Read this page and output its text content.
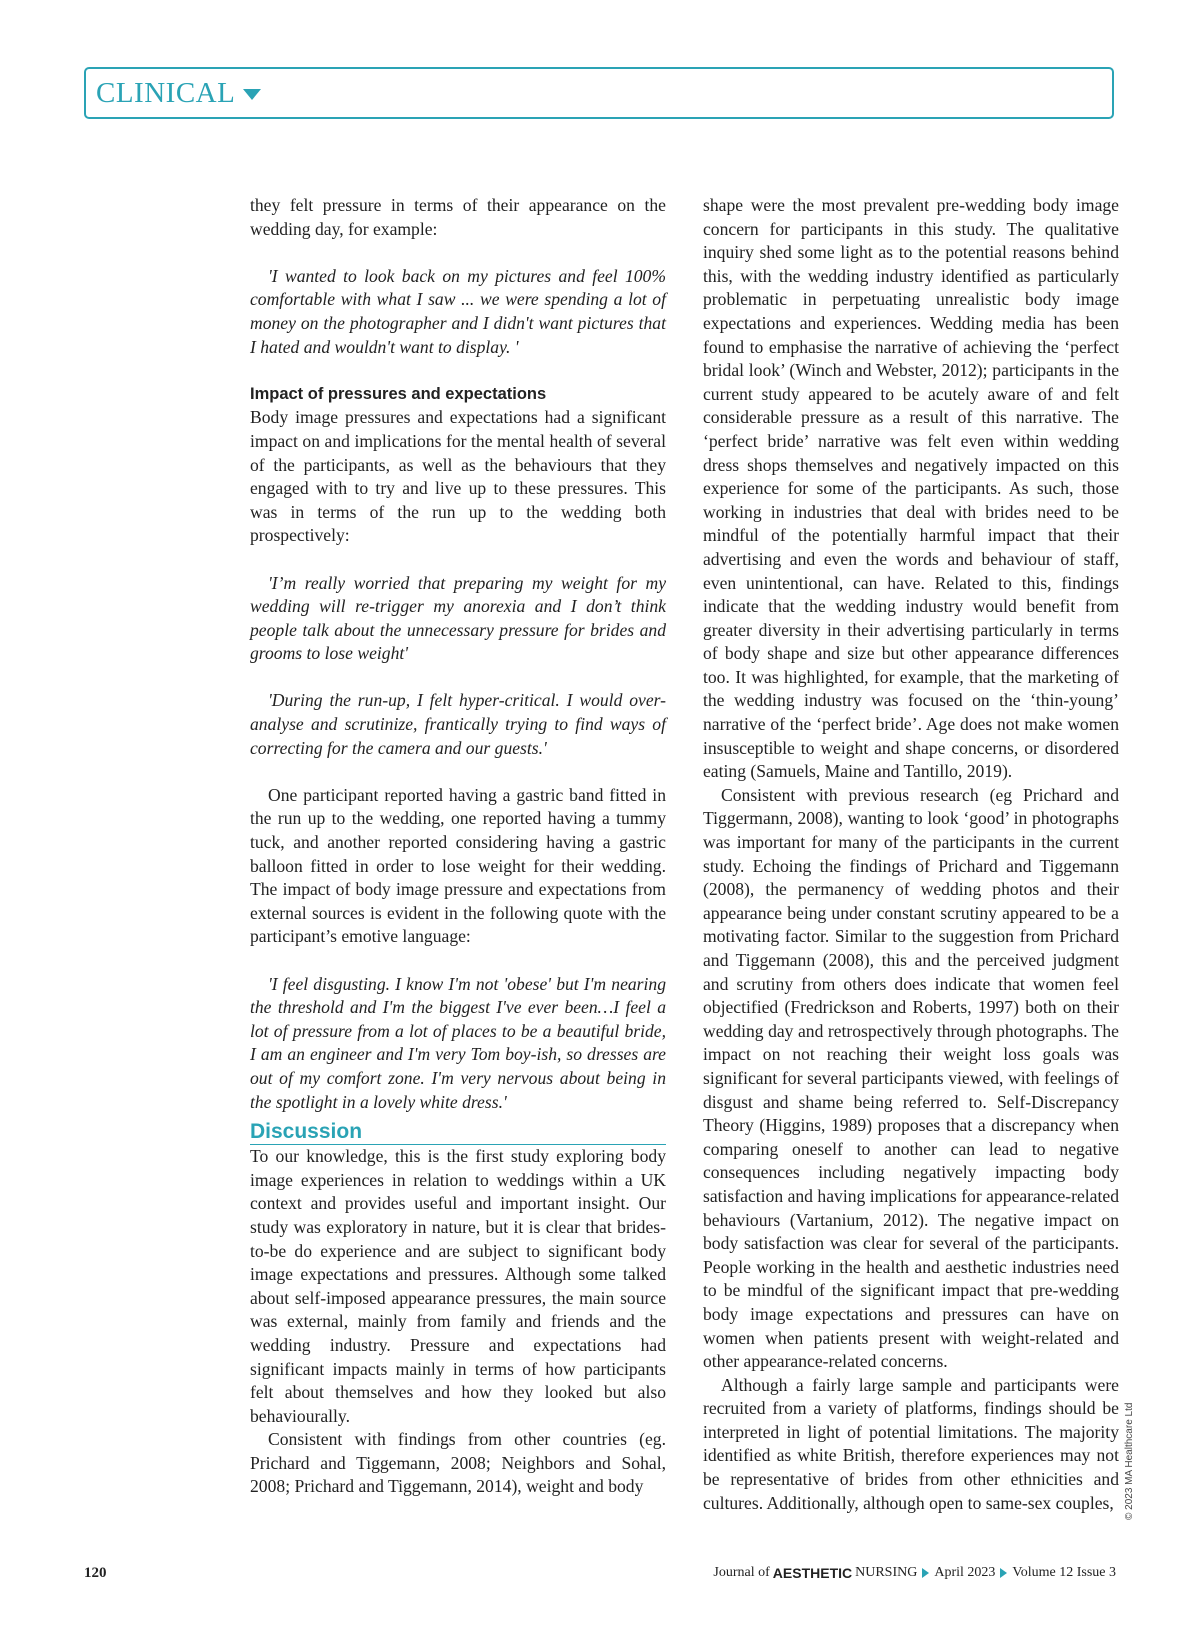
CLINICAL

they felt pressure in terms of their appearance on the wedding day, for example:

'I wanted to look back on my pictures and feel 100% comfortable with what I saw ... we were spending a lot of money on the photographer and I didn't want pictures that I hated and wouldn't want to display. '

Impact of pressures and expectations

Body image pressures and expectations had a significant impact on and implications for the mental health of several of the participants, as well as the behaviours that they engaged with to try and live up to these pressures. This was in terms of the run up to the wedding both prospectively:

'I’m really worried that preparing my weight for my wedding will re-trigger my anorexia and I don’t think people talk about the unnecessary pressure for brides and grooms to lose weight'

'During the run-up, I felt hyper-critical. I would over-analyse and scrutinize, frantically trying to find ways of correcting for the camera and our guests.'

One participant reported having a gastric band fitted in the run up to the wedding, one reported having a tummy tuck, and another reported considering having a gastric balloon fitted in order to lose weight for their wedding. The impact of body image pressure and expectations from external sources is evident in the following quote with the participant’s emotive language:

'I feel disgusting. I know I'm not 'obese' but I'm nearing the threshold and I'm the biggest I've ever been…I feel a lot of pressure from a lot of places to be a beautiful bride, I am an engineer and I'm very Tom boy-ish, so dresses are out of my comfort zone. I'm very nervous about being in the spotlight in a lovely white dress.'

Discussion

To our knowledge, this is the first study exploring body image experiences in relation to weddings within a UK context and provides useful and important insight. Our study was exploratory in nature, but it is clear that brides-to-be do experience and are subject to significant body image expectations and pressures. Although some talked about self-imposed appearance pressures, the main source was external, mainly from family and friends and the wedding industry. Pressure and expectations had significant impacts mainly in terms of how participants felt about themselves and how they looked but also behaviourally.

Consistent with findings from other countries (eg. Prichard and Tiggemann, 2008; Neighbors and Sohal, 2008; Prichard and Tiggemann, 2014), weight and body

shape were the most prevalent pre-wedding body image concern for participants in this study. The qualitative inquiry shed some light as to the potential reasons behind this, with the wedding industry identified as particularly problematic in perpetuating unrealistic body image expectations and experiences. Wedding media has been found to emphasise the narrative of achieving the ‘perfect bridal look’ (Winch and Webster, 2012); participants in the current study appeared to be acutely aware of and felt considerable pressure as a result of this narrative. The ‘perfect bride’ narrative was felt even within wedding dress shops themselves and negatively impacted on this experience for some of the participants. As such, those working in industries that deal with brides need to be mindful of the potentially harmful impact that their advertising and even the words and behaviour of staff, even unintentional, can have. Related to this, findings indicate that the wedding industry would benefit from greater diversity in their advertising particularly in terms of body shape and size but other appearance differences too. It was highlighted, for example, that the marketing of the wedding industry was focused on the ‘thin-young’ narrative of the ‘perfect bride’. Age does not make women insusceptible to weight and shape concerns, or disordered eating (Samuels, Maine and Tantillo, 2019).

Consistent with previous research (eg Prichard and Tiggermann, 2008), wanting to look ‘good’ in photographs was important for many of the participants in the current study. Echoing the findings of Prichard and Tiggemann (2008), the permanency of wedding photos and their appearance being under constant scrutiny appeared to be a motivating factor. Similar to the suggestion from Prichard and Tiggemann (2008), this and the perceived judgment and scrutiny from others does indicate that women feel objectified (Fredrickson and Roberts, 1997) both on their wedding day and retrospectively through photographs. The impact on not reaching their weight loss goals was significant for several participants viewed, with feelings of disgust and shame being referred to. Self-Discrepancy Theory (Higgins, 1989) proposes that a discrepancy when comparing oneself to another can lead to negative consequences including negatively impacting body satisfaction and having implications for appearance-related behaviours (Vartanium, 2012). The negative impact on body satisfaction was clear for several of the participants. People working in the health and aesthetic industries need to be mindful of the significant impact that pre-wedding body image expectations and pressures can have on women when patients present with weight-related and other appearance-related concerns.

Although a fairly large sample and participants were recruited from a variety of platforms, findings should be interpreted in light of potential limitations. The majority identified as white British, therefore experiences may not be representative of brides from other ethnicities and cultures. Additionally, although open to same-sex couples,	© 2023 MA Healthcare Ltd
120	Journal of AESTHETIC NURSING April 2023 Volume 12 Issue 3
